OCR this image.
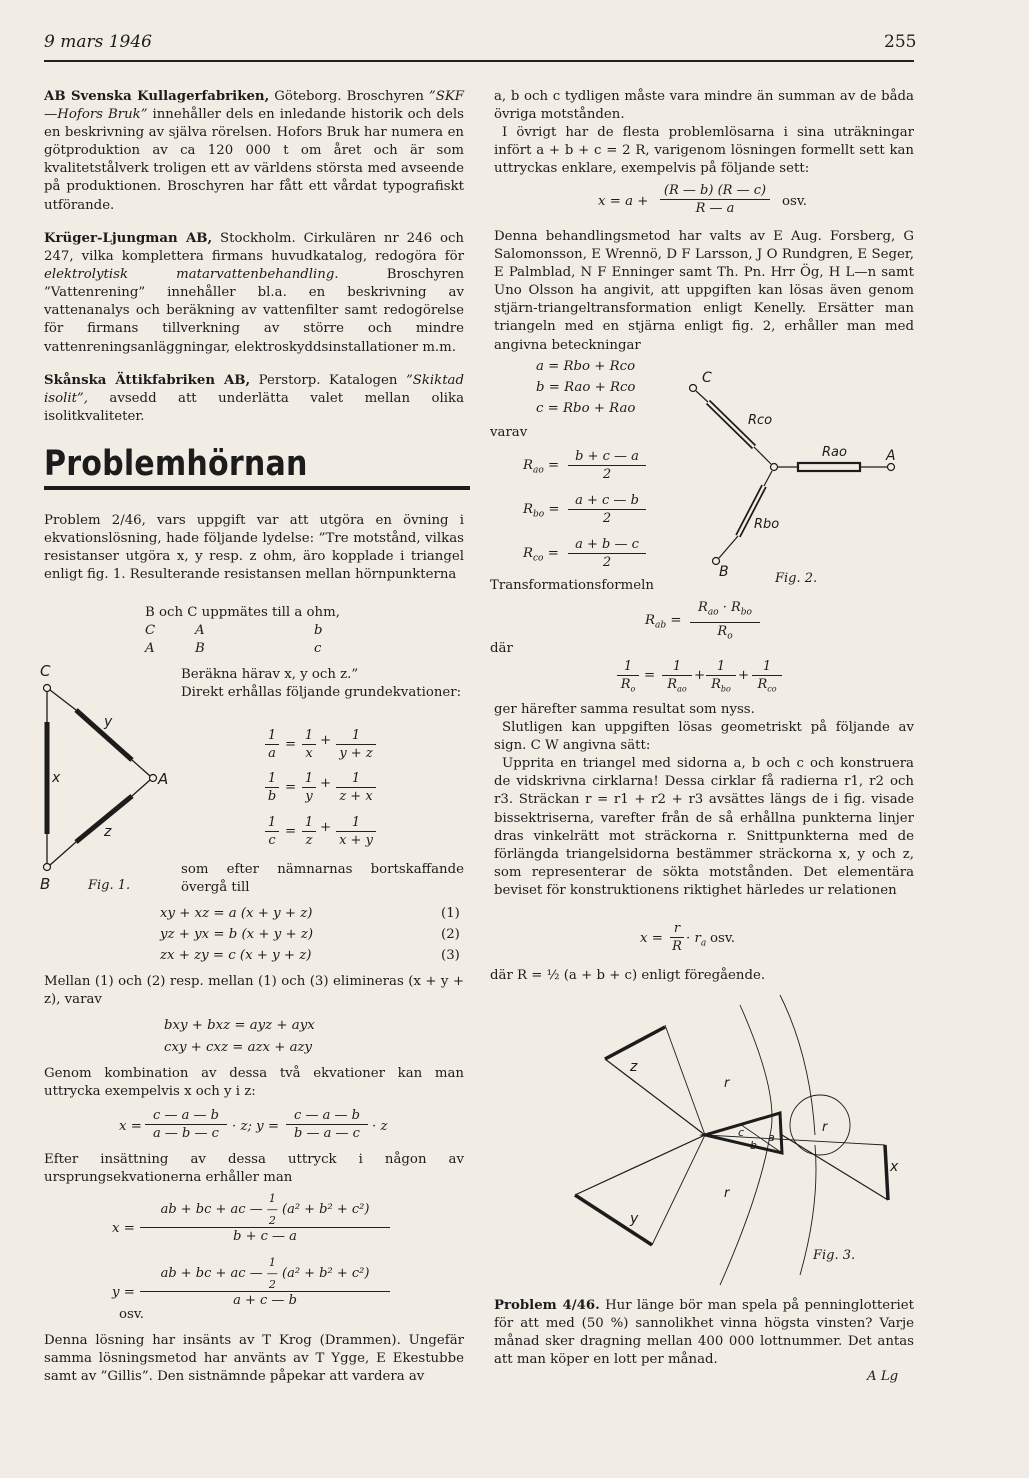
9 mars 1946	255

AB Svenska Kullagerfabriken, Göteborg. Broschyren ”SKF—Hofors Bruk” innehåller dels en inledande historik och dels en beskrivning av själva rörelsen. Hofors Bruk har numera en götproduktion av ca 120 000 t om året och är som kvalitetstålverk troligen ett av världens största med avseende på produktionen. Broschyren har fått ett vårdat typografiskt utförande.

Krüger-Ljungman AB, Stockholm. Cirkulären nr 246 och 247, vilka komplettera firmans huvudkatalog, redogöra för elektrolytisk matarvattenbehandling. Broschyren ”Vattenrening” innehåller bl.a. en beskrivning av vattenanalys och beräkning av vattenfilter samt redogörelse för firmans tillverkning av större och mindre vattenreningsanläggningar, elektroskyddsinstallationer m.m.

Skånska Ättikfabriken AB, Perstorp. Katalogen ”Skiktad isolit”, avsedd att underlätta valet mellan olika isolitkvaliteter.

Problemhörnan

Problem 2/46, vars uppgift var att utgöra en övning i ekvationslösning, hade följande lydelse: ”Tre motstånd, vilkas resistanser utgöra x, y resp. z ohm, äro kopplade i triangel enligt fig. 1. Resulterande resistansen mellan hörnpunkterna

B och C uppmätes till a ohm,
C	A	b
A	B	c
C
x
y
z
A
B	Fig. 1.
Beräkna härav x, y och z.”
Direkt erhållas följande grundekvationer:
1
a
=
1
x
+	1
y + z
1
b
=
1
y
+	1
z + x
1
c
=
1
z
+	1
x + y
som efter nämnarnas bortskaffande övergå till
xy + xz = a (x + y + z)	(1)
yz + yx = b (x + y + z)	(2)
zx + zy = c (x + y + z)	(3)

Mellan (1) och (2) resp. mellan (1) och (3) elimineras (x + y + z), varav

bxy + bxz = ayz + ayx
cxy + cxz = azx + azy

Genom kombination av dessa två ekvationer kan man uttrycka exempelvis x och y i z:

x =
c — a — b
a — b — c · z; y =
c — a — b
b — a — c · z

Efter insättning av dessa uttryck i någon av ursprungsekvationerna erhåller man

x =
ab + bc + ac — 1
—
2 (a² + b² + c²)
b + c — a
y =
ab + bc + ac — 1
—
2 (a² + b² + c²)
a + c — b
osv.

Denna lösning har insänts av T Krog (Drammen). Ungefär samma lösningsmetod har använts av T Ygge, E Ekestubbe samt av ”Gillis”. Den sistnämnde påpekar att vardera av

a, b och c tydligen måste vara mindre än summan av de båda övriga motstånden.

I övrigt har de flesta problemlösarna i sina uträkningar infört a + b + c = 2 R, varigenom lösningen formellt sett kan uttryckas enklare, exempelvis på följande sett:

x = a +
(R — b) (R — c)
R — a	osv.

Denna behandlingsmetod har valts av E Aug. Forsberg, G Salomonsson, E Wrennö, D F Larsson, J O Rundgren, E Seger, E Palmblad, N F Enninger samt Th. Pn. Hrr Ög, H L—n samt Uno Olsson ha angivit, att uppgiften kan lösas även genom stjärn-triangeltransformation enligt Kenelly. Ersätter man triangeln med en stjärna enligt fig. 2, erhåller man med angivna beteckningar

a = Rbo + Rco
b = Rao + Rco
c = Rbo + Rao
varav
$R_{ao}$ =
b + c — a
2
$R_{bo}$ =
a + c — b
2
$R_{co}$ =
a + b — c
2
C
Rco
Rao	A
Rbo
B	Fig. 2.
Transformationsformeln
$R_{ab}$ =
$R_{ao} \cdot R_{bo}$
$R_o$
där
1
$R_o$
=
1
$R_{ao}$
+
1
$R_{bo}$
+
1
$R_{co}$

ger härefter samma resultat som nyss.

Slutligen kan uppgiften lösas geometriskt på följande av sign. C W angivna sätt:

Upprita en triangel med sidorna a, b och c och konstruera de vidskrivna cirklarna! Dessa cirklar få radierna r1, r2 och r3. Sträckan r = r1 + r2 + r3 avsättes längs de i fig. visade bissektriserna, varefter från de så erhållna punkterna linjer dras vinkelrätt mot sträckorna r. Snittpunkterna med de förlängda triangelsidorna bestämmer sträckorna x, y och z, som representerar de sökta motstånden. Det elementära beviset för konstruktionens riktighet härledes ur relationen

x =
r
R
· $r_a$ osv.
där R = ½ (a + b + c) enligt föregående.
z
r
r
r
x
y
c
b
a
Fig. 3.

Problem 4/46. Hur länge bör man spela på penninglotteriet för att med (50 %) sannolikhet vinna högsta vinsten? Varje månad sker dragning mellan 400 000 lottnummer. Det antas att man köper en lott per månad.

A Lg
